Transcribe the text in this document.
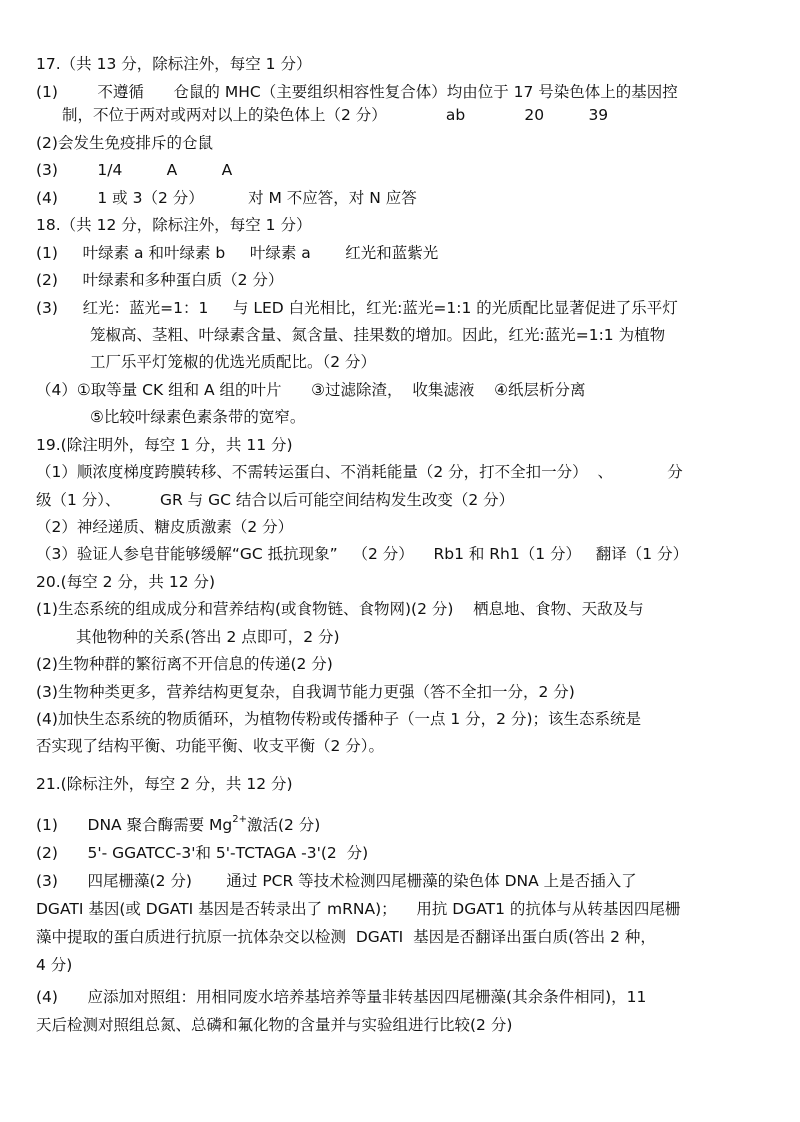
17.（共 13 分，除标注外，每空 1 分）
(1)        不遵循      仓鼠的 MHC（主要组织相容性复合体）均由位于 17 号染色体上的基因控
制，不位于两对或两对以上的染色体上（2 分）            ab            20         39
(2)会发生免疫排斥的仓鼠
(3)        1/4         A         A
(4)        1 或 3（2 分）         对 M 不应答，对 N 应答
18.（共 12 分，除标注外，每空 1 分）
(1)     叶绿素 a 和叶绿素 b     叶绿素 a       红光和蓝紫光
(2)     叶绿素和多种蛋白质（2 分）
(3)     红光：蓝光=1：1     与 LED 白光相比，红光:蓝光=1:1 的光质配比显著促进了乐平灯
笼椒高、茎粗、叶绿素含量、氮含量、挂果数的增加。因此，红光:蓝光=1:1 为植物
工厂乐平灯笼椒的优选光质配比。（2 分）
（4）①取等量 CK 组和 A 组的叶片      ③过滤除渣，  收集滤液    ④纸层析分离
⑤比较叶绿素色素条带的宽窄。
19.(除注明外，每空 1 分，共 11 分)
（1）顺浓度梯度跨膜转移、不需转运蛋白、不消耗能量（2 分，打不全扣一分）  、           分
级（1 分）、        GR 与 GC 结合以后可能空间结构发生改变（2 分）
（2）神经递质、糖皮质激素（2 分）
（3）验证人参皂苷能够缓解“GC 抵抗现象”   （2 分）    Rb1 和 Rh1（1 分）   翻译（1 分）
20.(每空 2 分，共 12 分)
(1)生态系统的组成成分和营养结构(或食物链、食物网)(2 分)    栖息地、食物、天敌及与
其他物种的关系(答出 2 点即可，2 分)
(2)生物种群的繁衍离不开信息的传递(2 分)
(3)生物种类更多，营养结构更复杂，自我调节能力更强（答不全扣一分，2 分)
(4)加快生态系统的物质循环，为植物传粉或传播种子（一点 1 分，2 分)；该生态系统是
否实现了结构平衡、功能平衡、收支平衡（2 分）。
21.(除标注外，每空 2 分，共 12 分)
(1)      DNA 聚合酶需要 $Mg^{2+}$激活(2 分)
(2)      5'- GGATCC-3'和 5'-TCTAGA -3'(2  分)
(3)      四尾栅藻(2 分)       通过 PCR 等技术检测四尾栅藻的染色体 DNA 上是否插入了
DGATI 基因(或 DGATI 基因是否转录出了 mRNA)；    用抗 DGAT1 的抗体与从转基因四尾栅
藻中提取的蛋白质进行抗原一抗体杂交以检测  DGATI  基因是否翻译出蛋白质(答出 2 种，
4 分)
(4)      应添加对照组：用相同废水培养基培养等量非转基因四尾栅藻(其余条件相同)，11
天后检测对照组总氮、总磷和氟化物的含量并与实验组进行比较(2 分)
